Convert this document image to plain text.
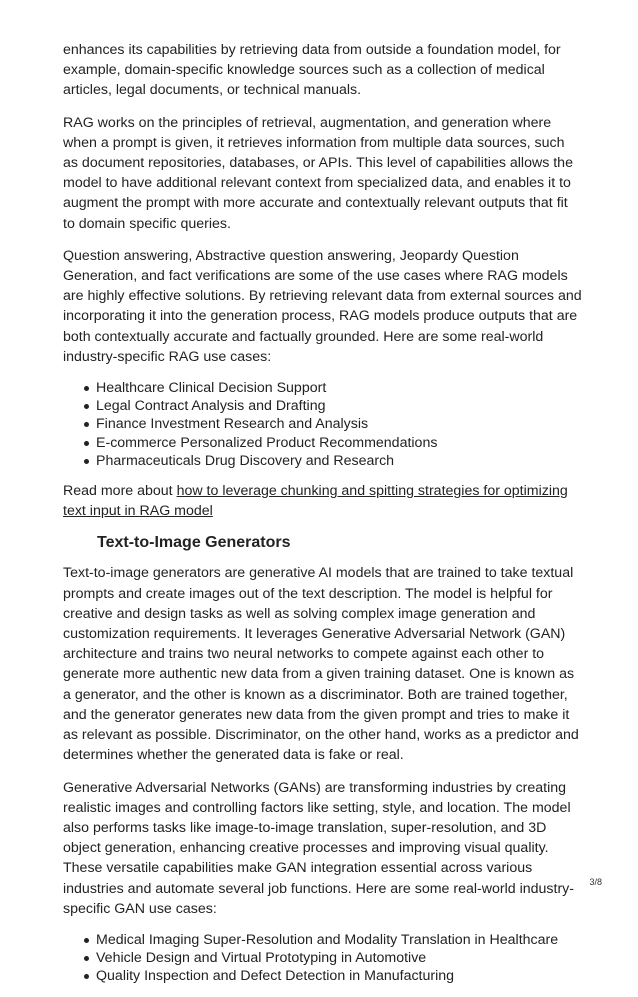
enhances its capabilities by retrieving data from outside a foundation model, for example, domain-specific knowledge sources such as a collection of medical articles, legal documents, or technical manuals.

RAG works on the principles of retrieval, augmentation, and generation where when a prompt is given, it retrieves information from multiple data sources, such as document repositories, databases, or APIs. This level of capabilities allows the model to have additional relevant context from specialized data, and enables it to augment the prompt with more accurate and contextually relevant outputs that fit to domain specific queries.

Question answering, Abstractive question answering, Jeopardy Question Generation, and fact verifications are some of the use cases where RAG models are highly effective solutions. By retrieving relevant data from external sources and incorporating it into the generation process, RAG models produce outputs that are both contextually accurate and factually grounded. Here are some real-world industry-specific RAG use cases:

Healthcare Clinical Decision Support
Legal Contract Analysis and Drafting
Finance Investment Research and Analysis
E-commerce Personalized Product Recommendations
Pharmaceuticals Drug Discovery and Research

Read more about how to leverage chunking and spitting strategies for optimizing text input in RAG model

Text-to-Image Generators

Text-to-image generators are generative AI models that are trained to take textual prompts and create images out of the text description. The model is helpful for creative and design tasks as well as solving complex image generation and customization requirements. It leverages Generative Adversarial Network (GAN) architecture and trains two neural networks to compete against each other to generate more authentic new data from a given training dataset. One is known as a generator, and the other is known as a discriminator. Both are trained together, and the generator generates new data from the given prompt and tries to make it as relevant as possible. Discriminator, on the other hand, works as a predictor and determines whether the generated data is fake or real.

Generative Adversarial Networks (GANs) are transforming industries by creating realistic images and controlling factors like setting, style, and location. The model also performs tasks like image-to-image translation, super-resolution, and 3D object generation, enhancing creative processes and improving visual quality. These versatile capabilities make GAN integration essential across various industries and automate several job functions. Here are some real-world industry-specific GAN use cases:

Medical Imaging Super-Resolution and Modality Translation in Healthcare
Vehicle Design and Virtual Prototyping in Automotive
Quality Inspection and Defect Detection in Manufacturing
3/8
